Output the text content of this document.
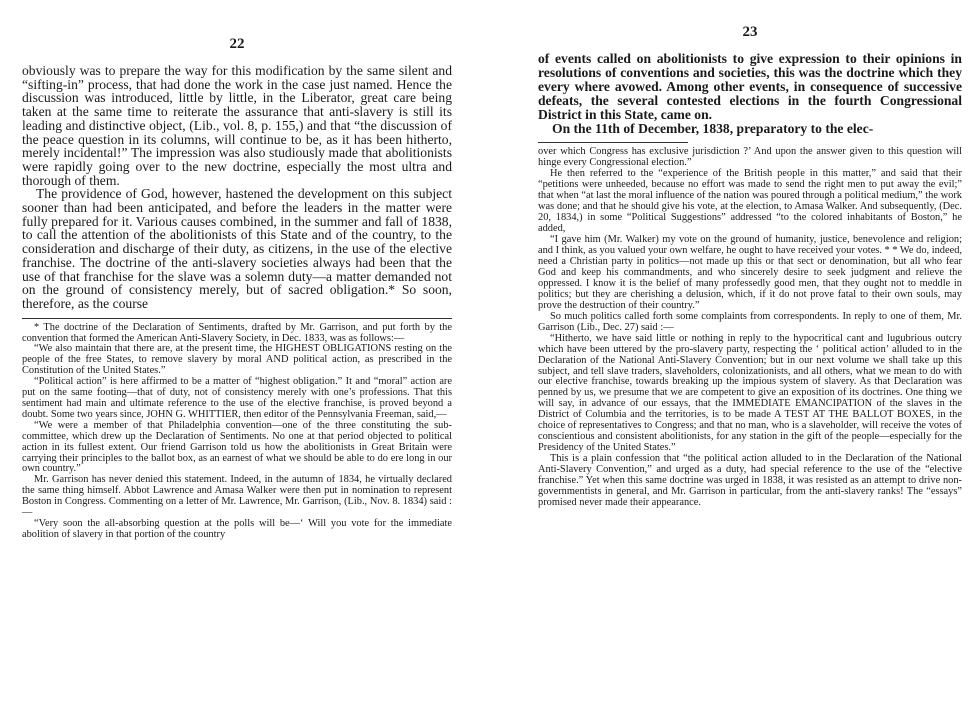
22

obviously was to prepare the way for this modification by the same silent and “sifting-in” process, that had done the work in the case just named. Hence the discussion was introduced, little by little, in the Liberator, great care being taken at the same time to reiterate the assurance that anti-slavery is still its leading and distinctive object, (Lib., vol. 8, p. 155,) and that “the discussion of the peace question in its columns, will continue to be, as it has been hitherto, merely incidental!” The impression was also studiously made that abolitionists were rapidly going over to the new doctrine, especially the most ultra and thorough of them.

The providence of God, however, hastened the development on this subject sooner than had been anticipated, and before the leaders in the matter were fully prepared for it. Various causes combined, in the summer and fall of 1838, to call the attention of the abolitionists of this State and of the country, to the consideration and discharge of their duty, as citizens, in the use of the elective franchise. The doctrine of the anti-slavery societies always had been that the use of that franchise for the slave was a solemn duty—a matter demanded not on the ground of consistency merely, but of sacred obligation.* So soon, therefore, as the course

* The doctrine of the Declaration of Sentiments, drafted by Mr. Garrison, and put forth by the convention that formed the American Anti-Slavery Society, in Dec. 1833, was as follows:—

“We also maintain that there are, at the present time, the HIGHEST OBLIGATIONS resting on the people of the free States, to remove slavery by moral AND political action, as prescribed in the Constitution of the United States.”

“Political action” is here affirmed to be a matter of “highest obligation.” It and “moral” action are put on the same footing—that of duty, not of consistency merely with one’s professions. That this sentiment had main and ultimate reference to the use of the elective franchise, is proved beyond a doubt. Some two years since, JOHN G. WHITTIER, then editor of the Pennsylvania Freeman, said,—

“We were a member of that Philadelphia convention—one of the three constituting the sub-committee, which drew up the Declaration of Sentiments. No one at that period objected to political action in its fullest extent. Our friend Garrison told us how the abolitionists in Great Britain were carrying their principles to the ballot box, as an earnest of what we should be able to do ere long in our own country.”

Mr. Garrison has never denied this statement. Indeed, in the autumn of 1834, he virtually declared the same thing himself. Abbot Lawrence and Amasa Walker were then put in nomination to represent Boston in Congress. Commenting on a letter of Mr. Lawrence, Mr. Garrison, (Lib., Nov. 8. 1834) said :—

“Very soon the all-absorbing question at the polls will be—‘ Will you vote for the immediate abolition of slavery in that portion of the country

23

of events called on abolitionists to give expression to their opinions in resolutions of conventions and societies, this was the doctrine which they every where avowed. Among other events, in consequence of successive defeats, the several contested elections in the fourth Congressional District in this State, came on.

On the 11th of December, 1838, preparatory to the elec-

over which Congress has exclusive jurisdiction ?’ And upon the answer given to this question will hinge every Congressional election.”

He then referred to the “experience of the British people in this matter,” and said that their “petitions were unheeded, because no effort was made to send the right men to put away the evil;” that when “at last the moral influence of the nation was poured through a political medium,” the work was done; and that he should give his vote, at the election, to Amasa Walker. And subsequently, (Dec. 20, 1834,) in some “Political Suggestions” addressed “to the colored inhabitants of Boston,” he added,

“I gave him (Mr. Walker) my vote on the ground of humanity, justice, benevolence and religion; and I think, as you valued your own welfare, he ought to have received your votes. * * We do, indeed, need a Christian party in politics—not made up this or that sect or denomination, but all who fear God and keep his commandments, and who sincerely desire to seek judgment and relieve the oppressed. I know it is the belief of many professedly good men, that they ought not to meddle in politics; but they are cherishing a delusion, which, if it do not prove fatal to their own souls, may prove the destruction of their country.”

So much politics called forth some complaints from correspondents. In reply to one of them, Mr. Garrison (Lib., Dec. 27) said :—

“Hitherto, we have said little or nothing in reply to the hypocritical cant and lugubrious outcry which have been uttered by the pro-slavery party, respecting the ‘ political action’ alluded to in the Declaration of the National Anti-Slavery Convention; but in our next volume we shall take up this subject, and tell slave traders, slaveholders, colonizationists, and all others, what we mean to do with our elective franchise, towards breaking up the impious system of slavery. As that Declaration was penned by us, we presume that we are competent to give an exposition of its doctrines. One thing we will say, in advance of our essays, that the IMMEDIATE EMANCIPATION of the slaves in the District of Columbia and the territories, is to be made A TEST AT THE BALLOT BOXES, in the choice of representatives to Congress; and that no man, who is a slaveholder, will receive the votes of conscientious and consistent abolitionists, for any station in the gift of the people—especially for the Presidency of the United States.”

This is a plain confession that “the political action alluded to in the Declaration of the National Anti-Slavery Convention,” and urged as a duty, had special reference to the use of the “elective franchise.” Yet when this same doctrine was urged in 1838, it was resisted as an attempt to drive non-governmentists in general, and Mr. Garrison in particular, from the anti-slavery ranks! The “essays” promised never made their appearance.
